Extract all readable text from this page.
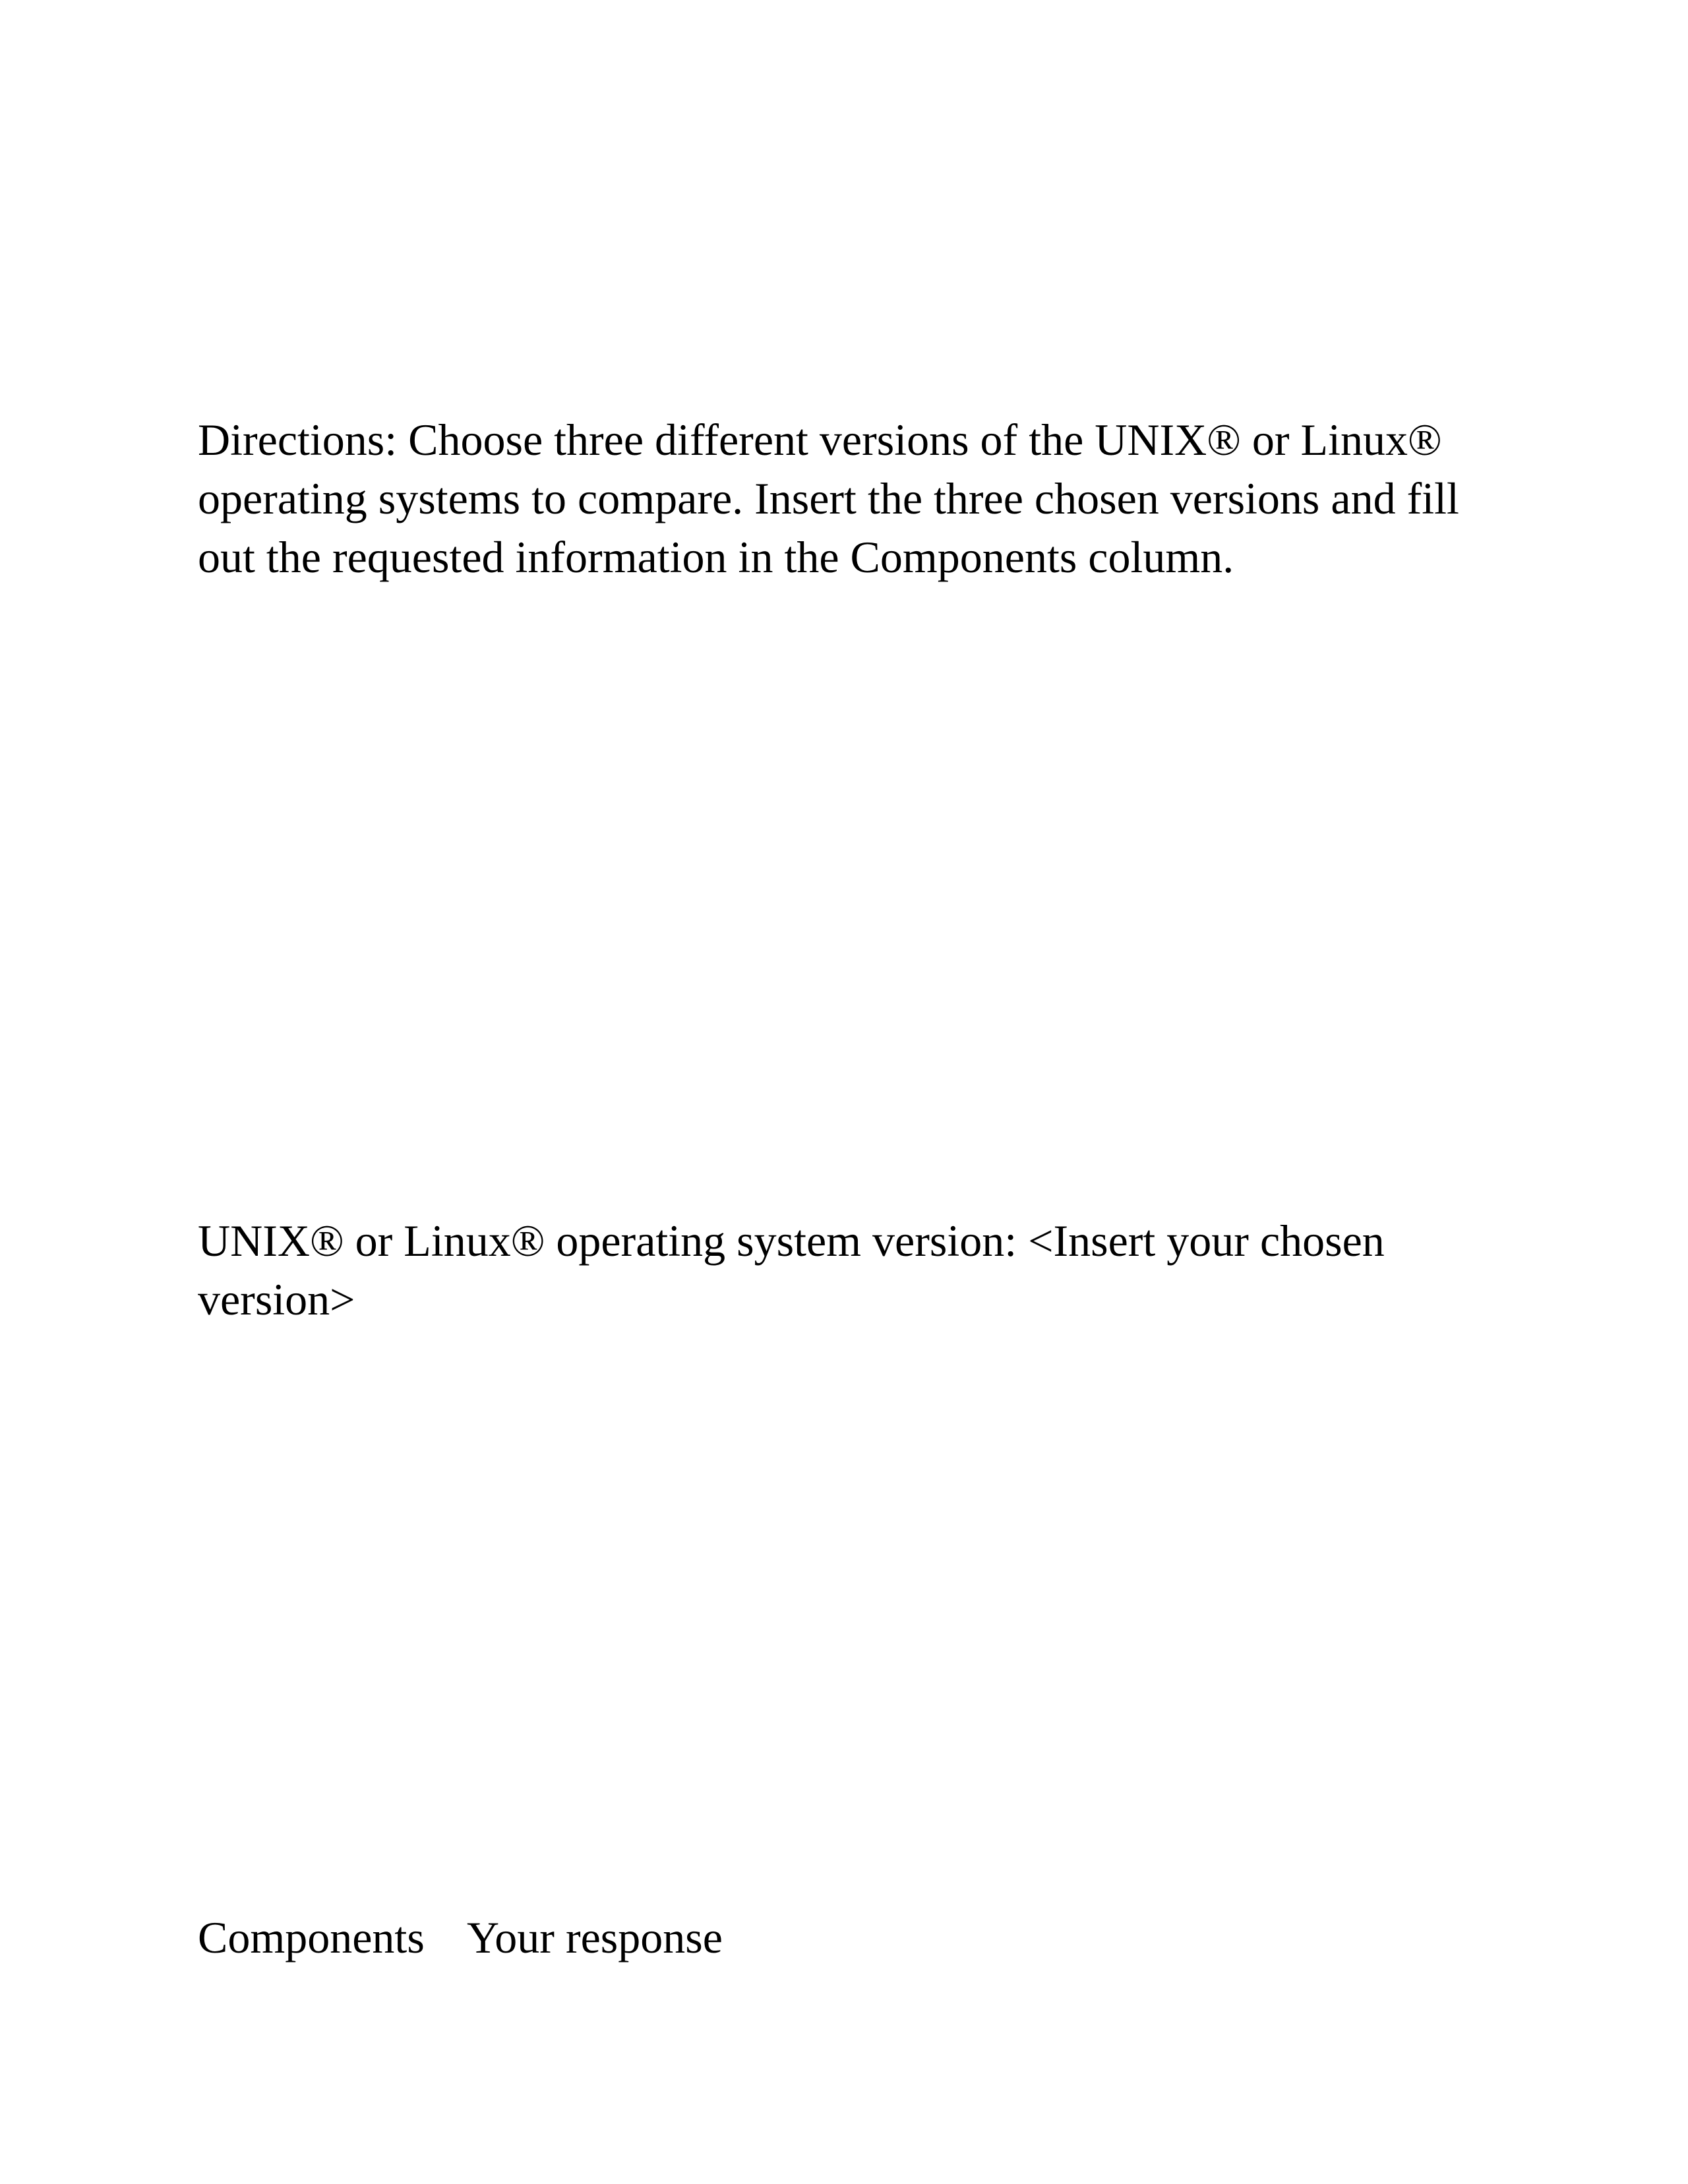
Directions: Choose three different versions of the UNIX® or Linux® operating systems to compare. Insert the three chosen versions and fill out the requested information in the Components column.

UNIX® or Linux® operating system version: <Insert your chosen version>

Components Your response
